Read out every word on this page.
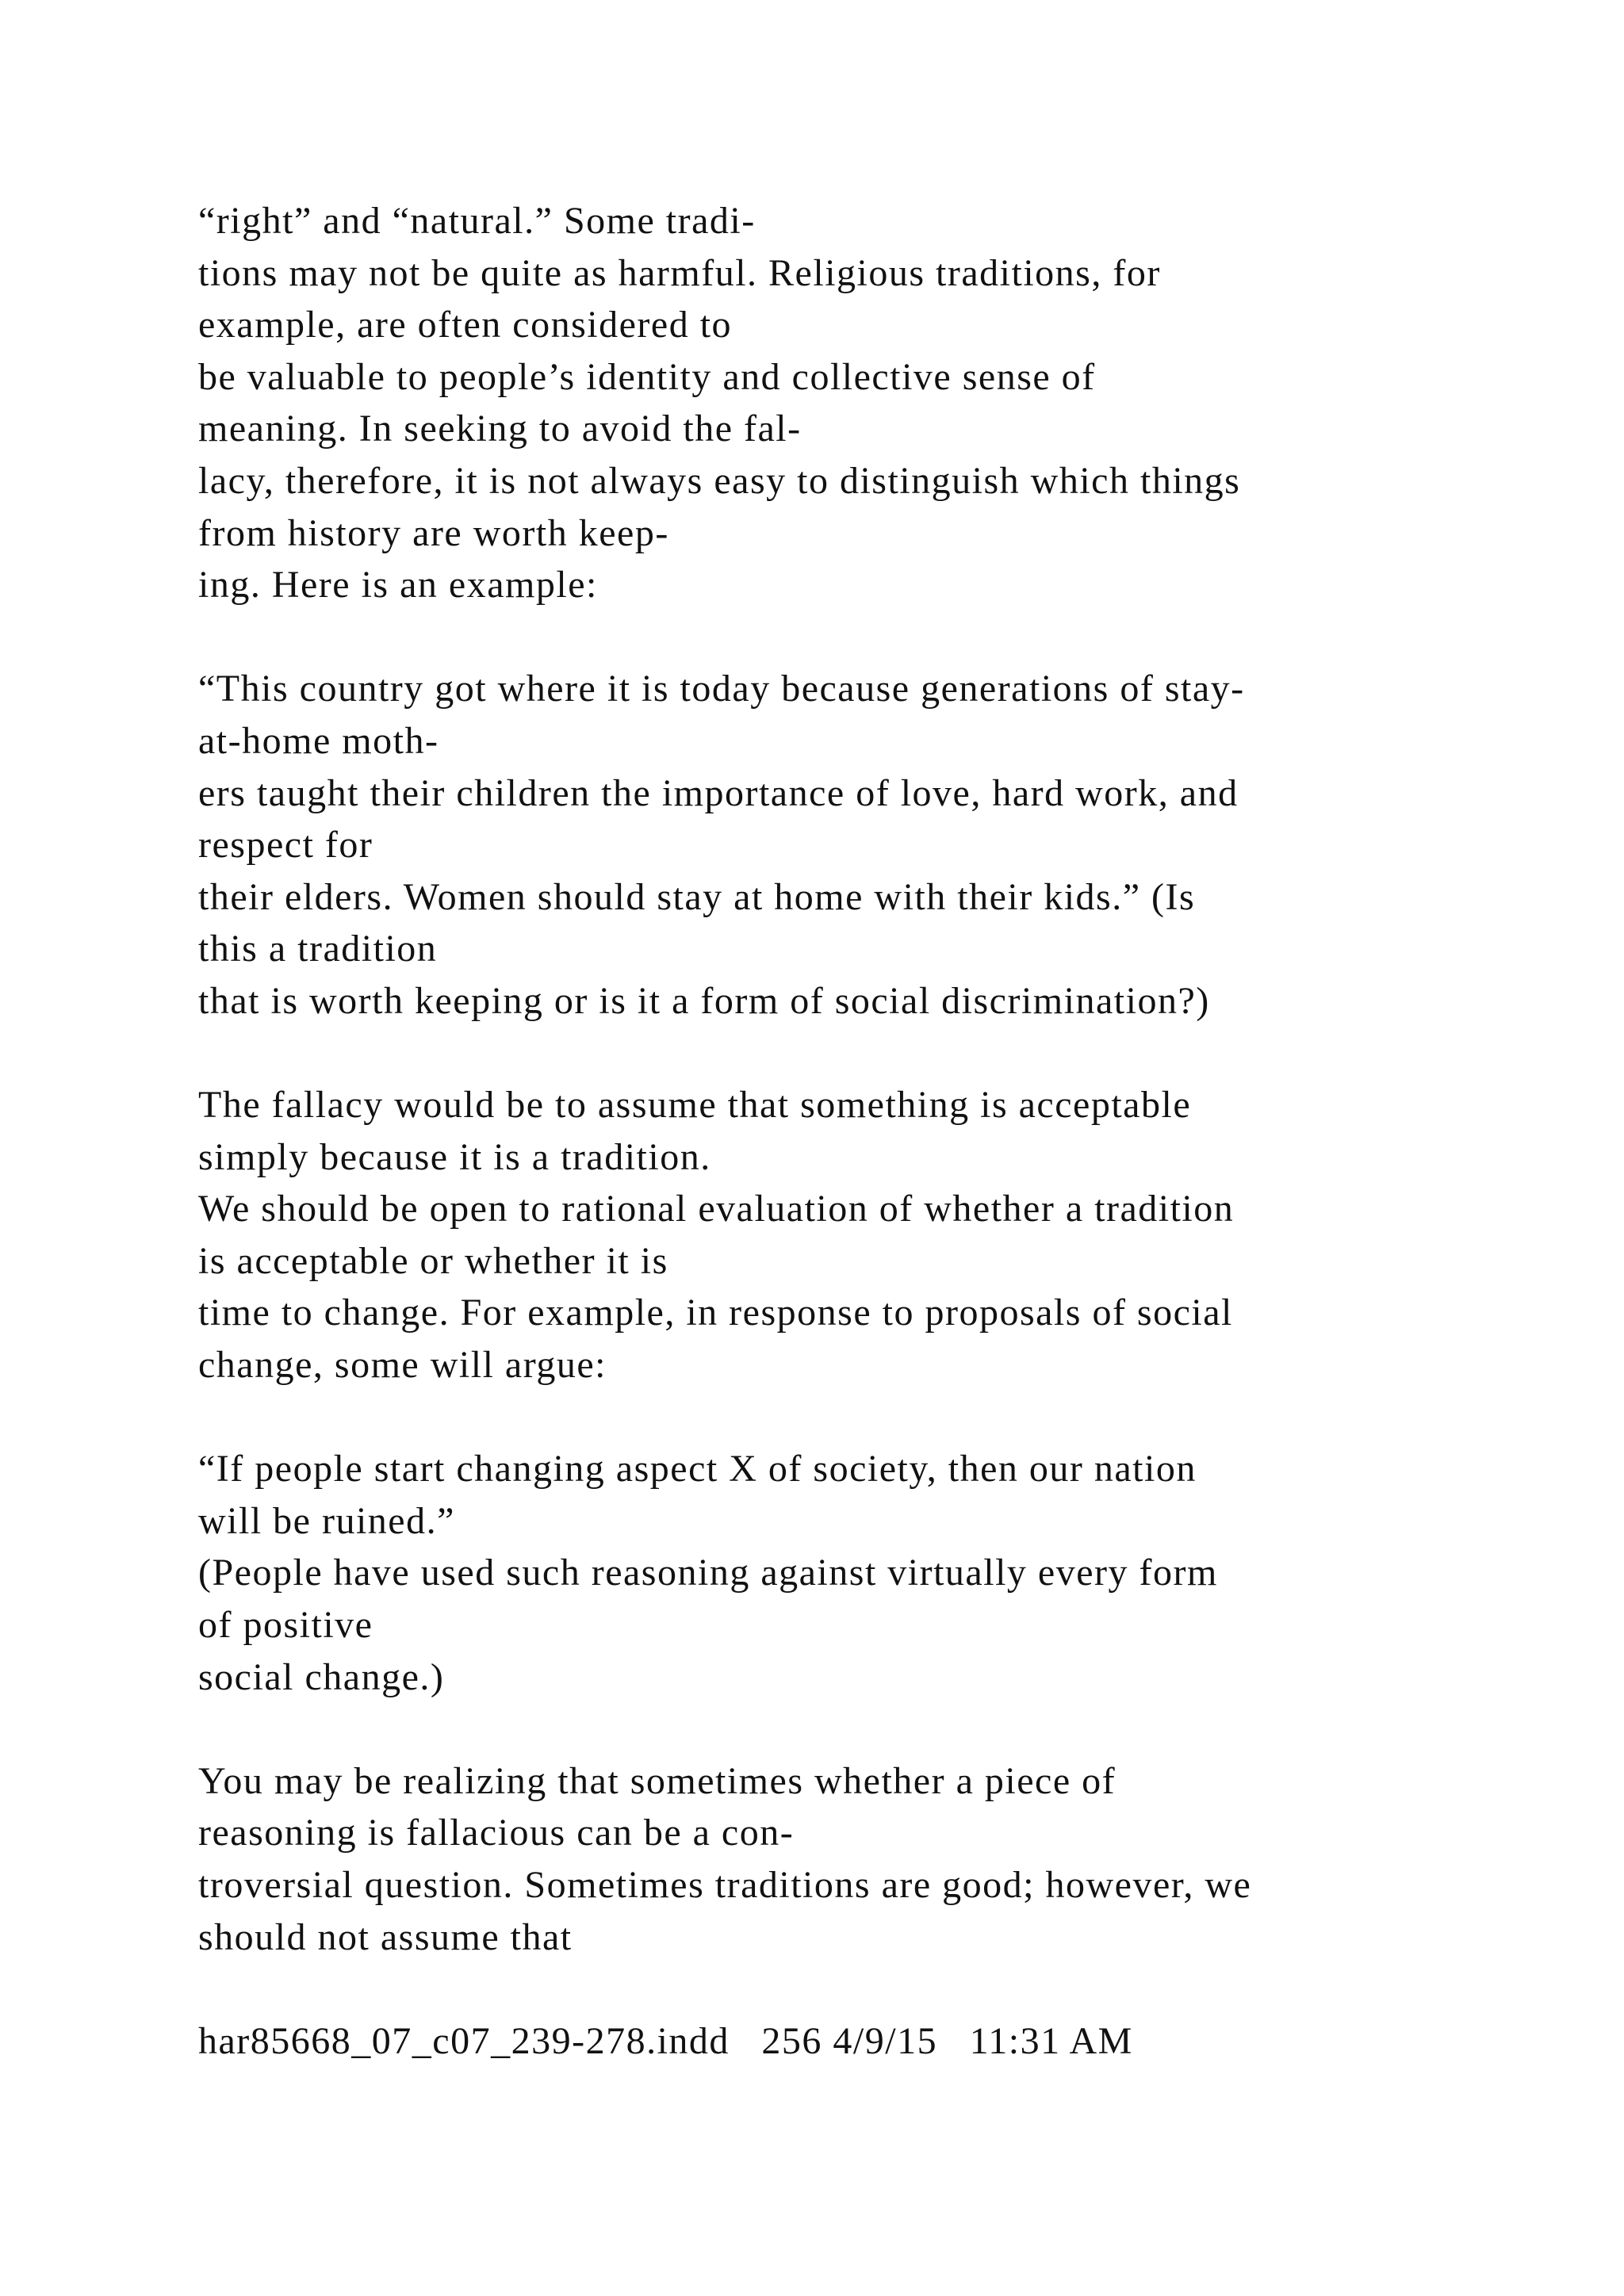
“right” and “natural.” Some tradi-
tions may not be quite as harmful. Religious traditions, for
example, are often considered to
be valuable to people’s identity and collective sense of
meaning. In seeking to avoid the fal-
lacy, therefore, it is not always easy to distinguish which things
from history are worth keep-
ing. Here is an example:
“This country got where it is today because generations of stay-
at-home moth-
ers taught their children the importance of love, hard work, and
respect for
their elders. Women should stay at home with their kids.” (Is
this a tradition
that is worth keeping or is it a form of social discrimination?)
The fallacy would be to assume that something is acceptable
simply because it is a tradition.
We should be open to rational evaluation of whether a tradition
is acceptable or whether it is
time to change. For example, in response to proposals of social
change, some will argue:
“If people start changing aspect X of society, then our nation
will be ruined.”
(People have used such reasoning against virtually every form
of positive
social change.)
You may be realizing that sometimes whether a piece of
reasoning is fallacious can be a con-
troversial question. Sometimes traditions are good; however, we
should not assume that
har85668_07_c07_239-278.indd   256 4/9/15   11:31 AM
